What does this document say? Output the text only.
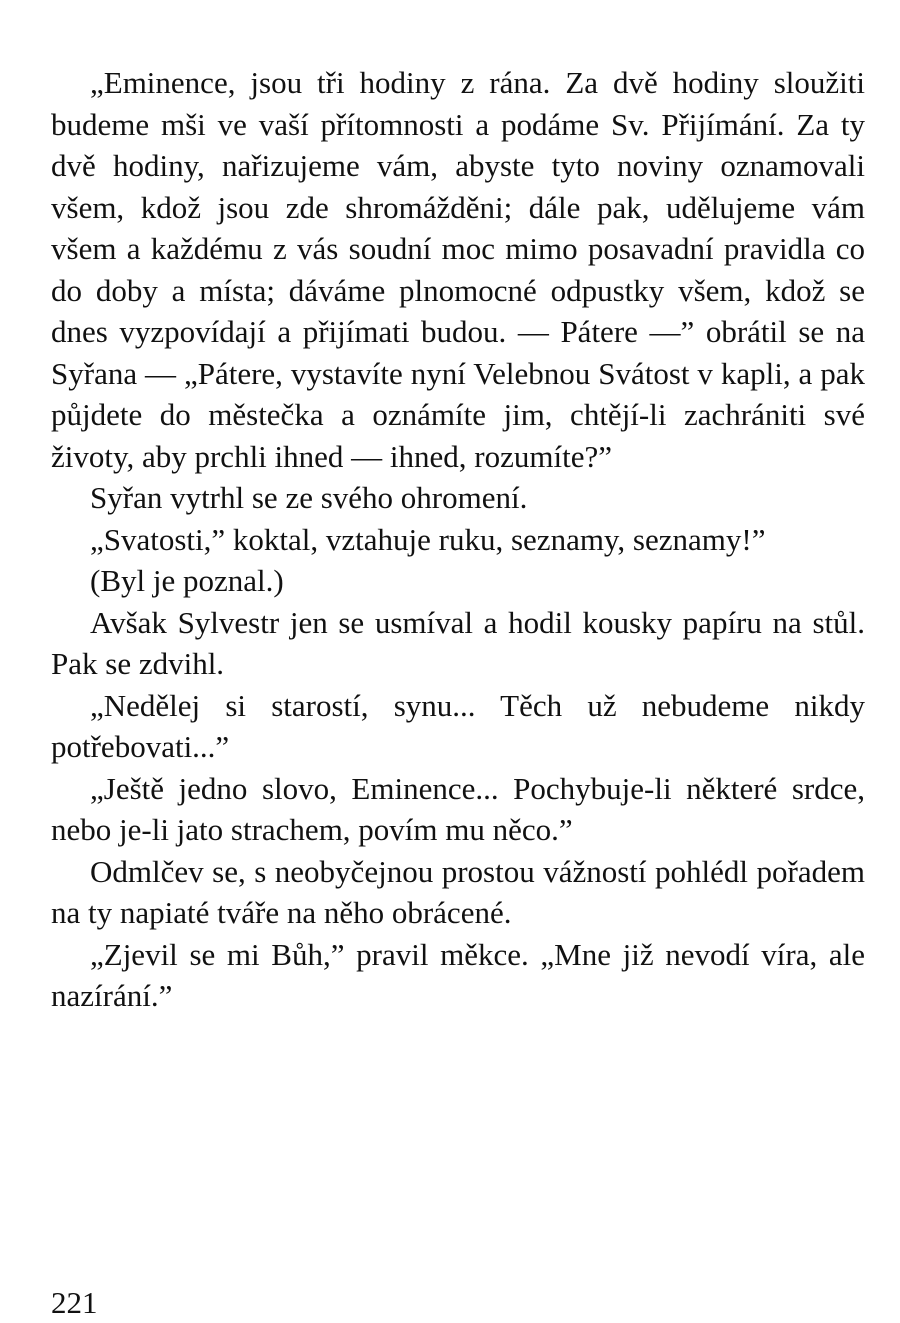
„Eminence, jsou tři hodiny z rána. Za dvě hodiny sloužiti budeme mši ve vaší přítomnosti a podáme Sv. Přijímání. Za ty dvě hodiny, nařizujeme vám, abyste tyto noviny oznamovali všem, kdož jsou zde shromážděni; dále pak, udělujeme vám všem a každému z vás soudní moc mimo posavadní pravidla co do doby a místa; dáváme plnomocné odpustky všem, kdož se dnes vyzpovídají a přijímati budou. — Pátere —” obrátil se na Syřana — „Pátere, vystavíte nyní Velebnou Svátost v kapli, a pak půjdete do městečka a oznámíte jim, chtějí-li zachrániti své životy, aby prchli ihned — ihned, rozumíte?”

Syřan vytrhl se ze svého ohromení.

„Svatosti,” koktal, vztahuje ruku, seznamy, seznamy!”

(Byl je poznal.)

Avšak Sylvestr jen se usmíval a hodil kousky papíru na stůl. Pak se zdvihl.

„Nedělej si starostí, synu... Těch už nebudeme nikdy potřebovati...”

„Ještě jedno slovo, Eminence... Pochybuje-li některé srdce, nebo je-li jato strachem, povím mu něco.”

Odmlčev se, s neobyčejnou prostou vážností pohlédl pořadem na ty napiaté tváře na něho obrácené.

„Zjevil se mi Bůh,” pravil měkce. „Mne již nevodí víra, ale nazírání.”

221
